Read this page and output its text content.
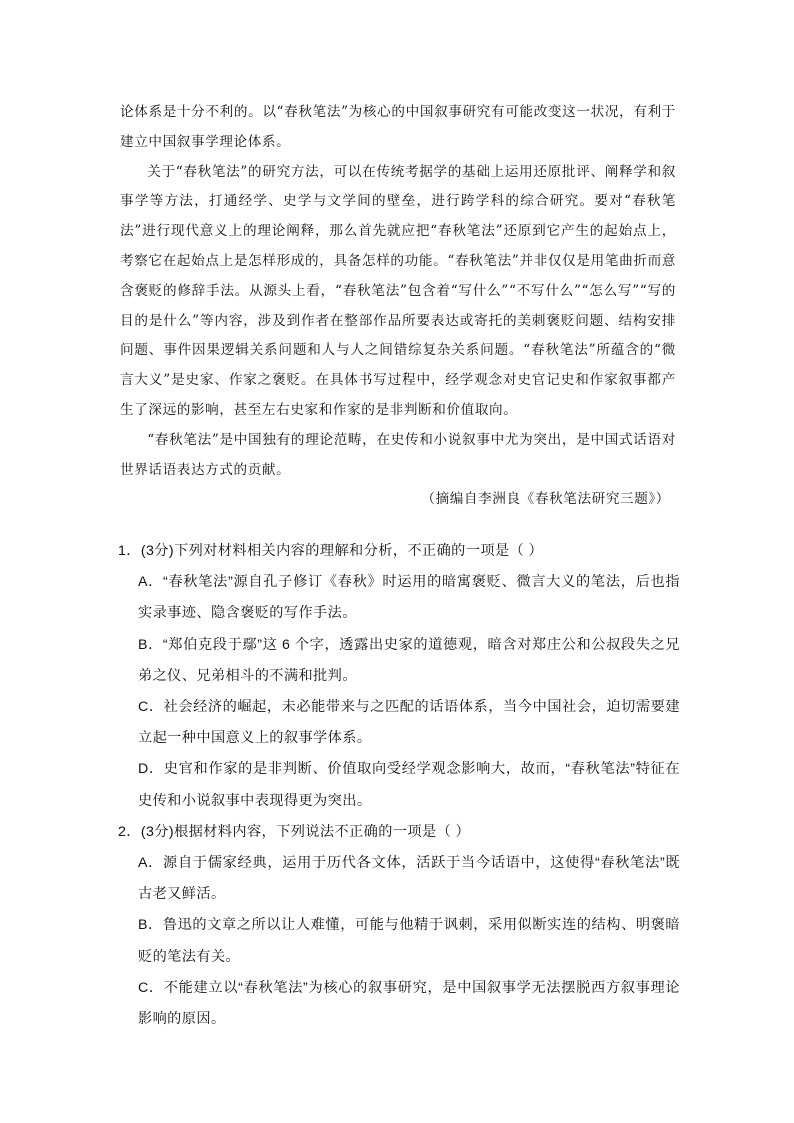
论体系是十分不利的。以“春秋笔法”为核心的中国叙事研究有可能改变这一状况，有利于建立中国叙事学理论体系。

关于“春秋笔法”的研究方法，可以在传统考据学的基础上运用还原批评、阐释学和叙事学等方法，打通经学、史学与文学间的壁垒，进行跨学科的综合研究。要对“春秋笔法”进行现代意义上的理论阐释，那么首先就应把“春秋笔法”还原到它产生的起始点上，考察它在起始点上是怎样形成的，具备怎样的功能。“春秋笔法”并非仅仅是用笔曲折而意含褒贬的修辞手法。从源头上看，“春秋笔法”包含着“写什么”“不写什么”“怎么写”“写的目的是什么”等内容，涉及到作者在整部作品所要表达或寄托的美刺褒贬问题、结构安排问题、事件因果逻辑关系问题和人与人之间错综复杂关系问题。“春秋笔法”所蕴含的“微言大义”是史家、作家之褒贬。在具体书写过程中，经学观念对史官记史和作家叙事都产生了深远的影响，甚至左右史家和作家的是非判断和价值取向。

“春秋笔法”是中国独有的理论范畴，在史传和小说叙事中尤为突出，是中国式话语对世界话语表达方式的贡献。

（摘编自李洲良《春秋笔法研究三题》）

1．(3分)下列对材料相关内容的理解和分析，不正确的一项是（ ）

A．“春秋笔法”源自孔子修订《春秋》时运用的暗寓褒贬、微言大义的笔法，后也指实录事迹、隐含褒贬的写作手法。

B．“郑伯克段于鄢”这 6 个字，透露出史家的道德观，暗含对郑庄公和公叔段失之兄弟之仪、兄弟相斗的不满和批判。

C．社会经济的崛起，未必能带来与之匹配的话语体系，当今中国社会，迫切需要建立起一种中国意义上的叙事学体系。

D．史官和作家的是非判断、价值取向受经学观念影响大，故而，“春秋笔法”特征在史传和小说叙事中表现得更为突出。

2．(3分)根据材料内容，下列说法不正确的一项是（ ）

A．源自于儒家经典，运用于历代各文体，活跃于当今话语中，这使得“春秋笔法”既古老又鲜活。

B．鲁迅的文章之所以让人难懂，可能与他精于讽刺，采用似断实连的结构、明褒暗贬的笔法有关。

C．不能建立以“春秋笔法”为核心的叙事研究，是中国叙事学无法摆脱西方叙事理论影响的原因。
